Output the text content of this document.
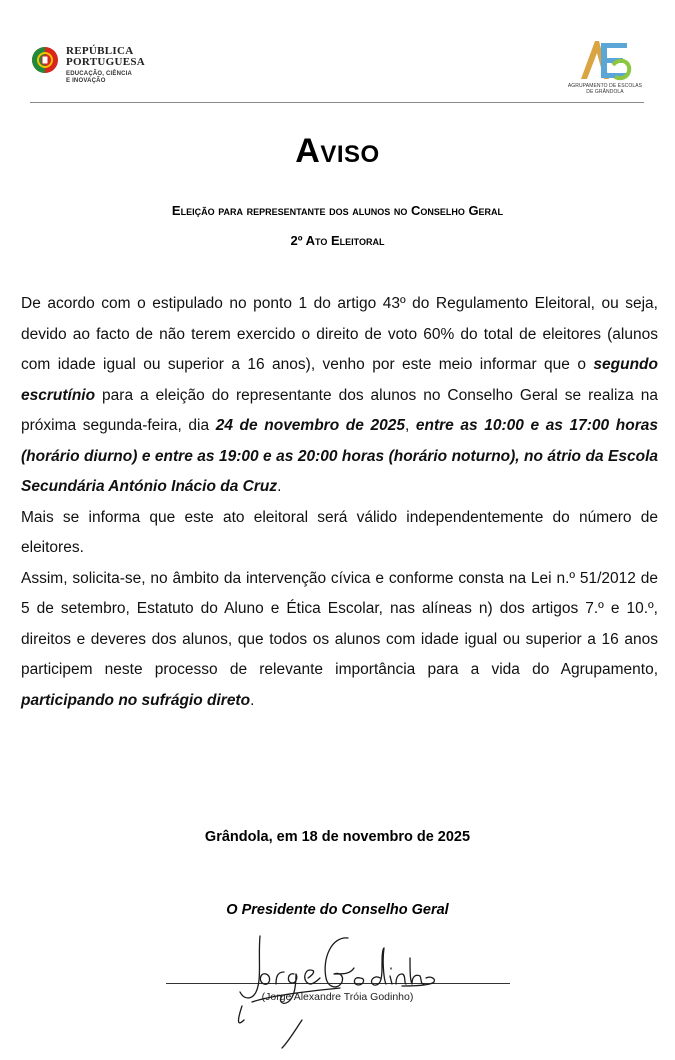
REPÚBLICA
PORTUGUESA
EDUCAÇÃO, CIÊNCIA
E INOVAÇÃO
AGRUPAMENTO DE ESCOLAS
DE GRÂNDOLA
Aviso
Eleição para representante dos alunos no Conselho Geral
2º Ato Eleitoral

De acordo com o estipulado no ponto 1 do artigo 43º do Regulamento Eleitoral, ou seja, devido ao facto de não terem exercido o direito de voto 60% do total de eleitores (alunos com idade igual ou superior a 16 anos), venho por este meio informar que o segundo escrutínio para a eleição do representante dos alunos no Conselho Geral se realiza na próxima segunda-feira, dia 24 de novembro de 2025, entre as 10:00 e as 17:00 horas (horário diurno) e entre as 19:00 e as 20:00 horas (horário noturno), no átrio da Escola Secundária António Inácio da Cruz.

Mais se informa que este ato eleitoral será válido independentemente do número de eleitores.

Assim, solicita-se, no âmbito da intervenção cívica e conforme consta na Lei n.º 51/2012 de 5 de setembro, Estatuto do Aluno e Ética Escolar, nas alíneas n) dos artigos 7.º e 10.º, direitos e deveres dos alunos, que todos os alunos com idade igual ou superior a 16 anos participem neste processo de relevante importância para a vida do Agrupamento, participando no sufrágio direto.

Grândola, em 18 de novembro de 2025
O Presidente do Conselho Geral
(Jorge Alexandre Tróia Godinho)
